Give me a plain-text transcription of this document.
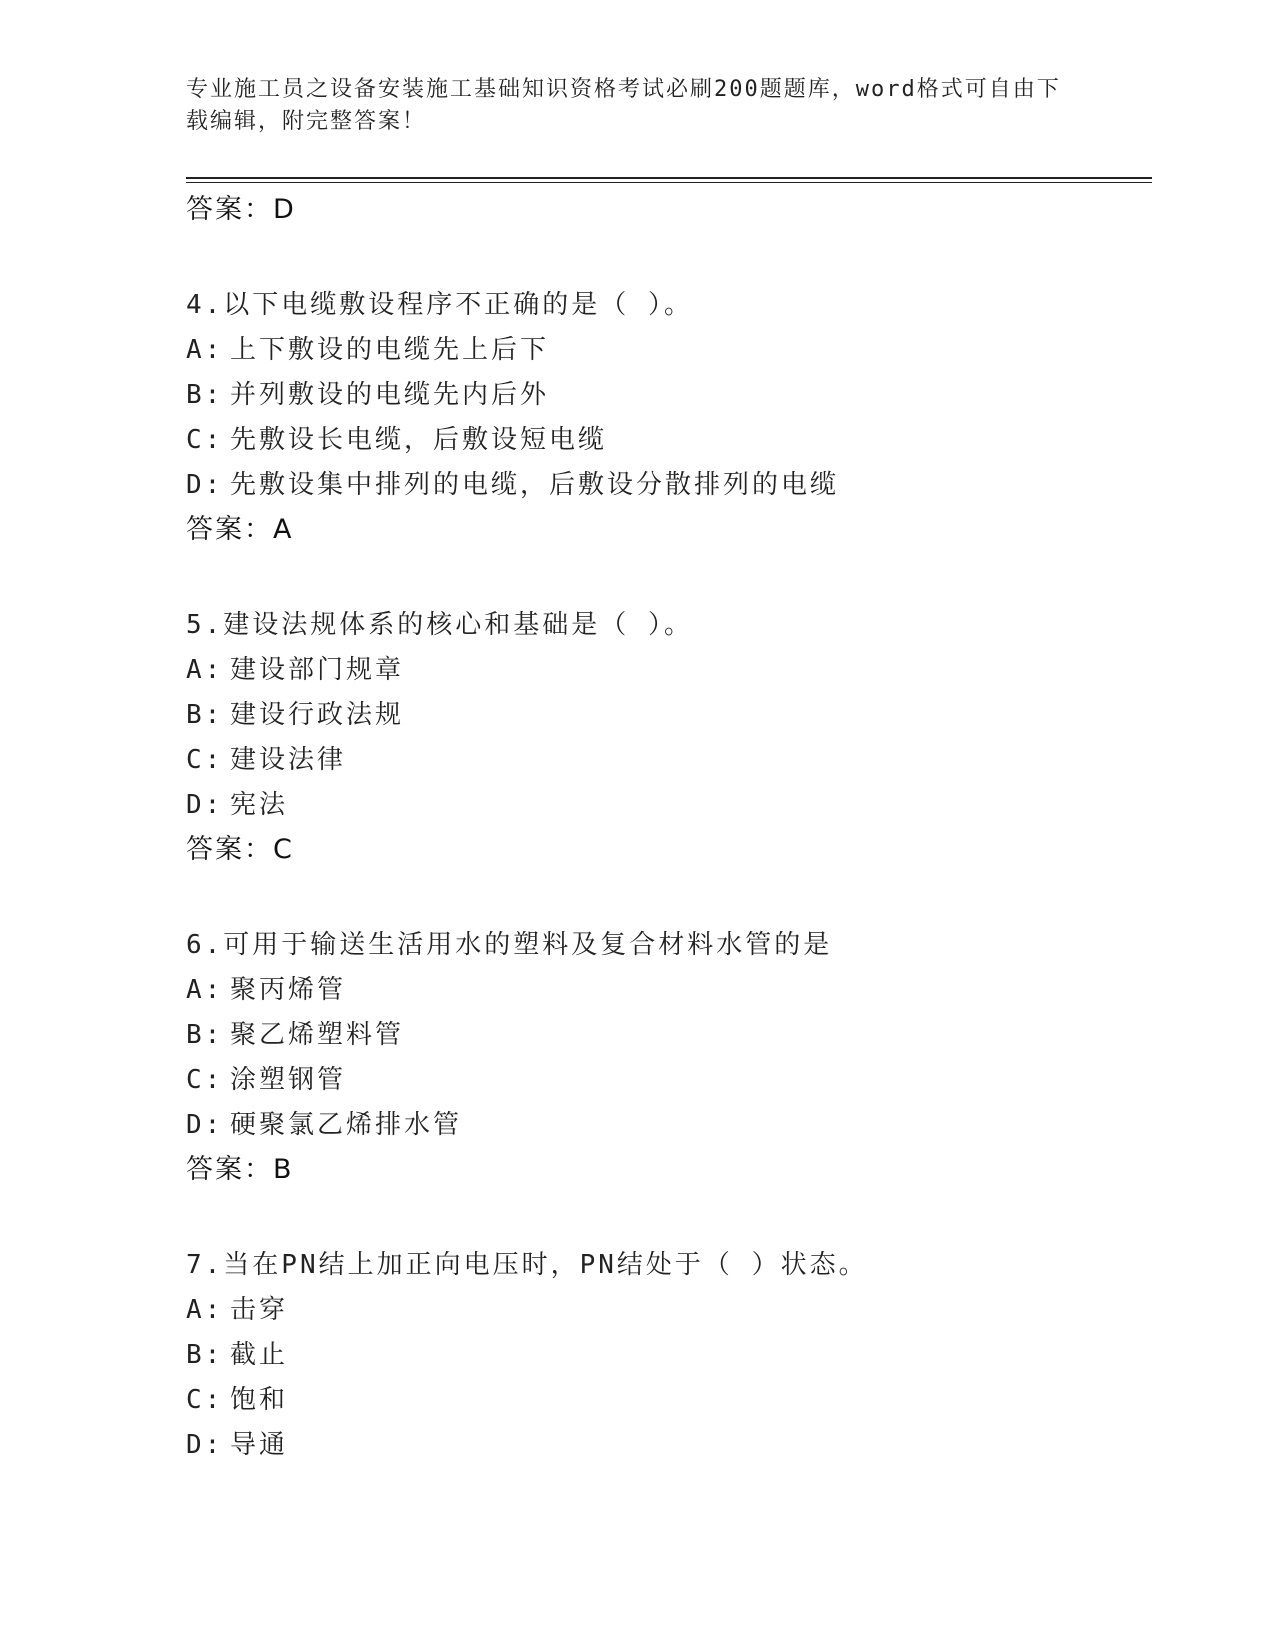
专业施工员之设备安装施工基础知识资格考试必刷200题题库，word格式可自由下载编辑，附完整答案！
答案：D
4.以下电缆敷设程序不正确的是（ ）。
A: 上下敷设的电缆先上后下
B: 并列敷设的电缆先内后外
C: 先敷设长电缆，后敷设短电缆
D: 先敷设集中排列的电缆，后敷设分散排列的电缆
答案：A
5.建设法规体系的核心和基础是（ ）。
A: 建设部门规章
B: 建设行政法规
C: 建设法律
D: 宪法
答案：C
6.可用于输送生活用水的塑料及复合材料水管的是
A: 聚丙烯管
B: 聚乙烯塑料管
C: 涂塑钢管
D: 硬聚氯乙烯排水管
答案：B
7.当在PN结上加正向电压时，PN结处于（ ）状态。
A: 击穿
B: 截止
C: 饱和
D: 导通
